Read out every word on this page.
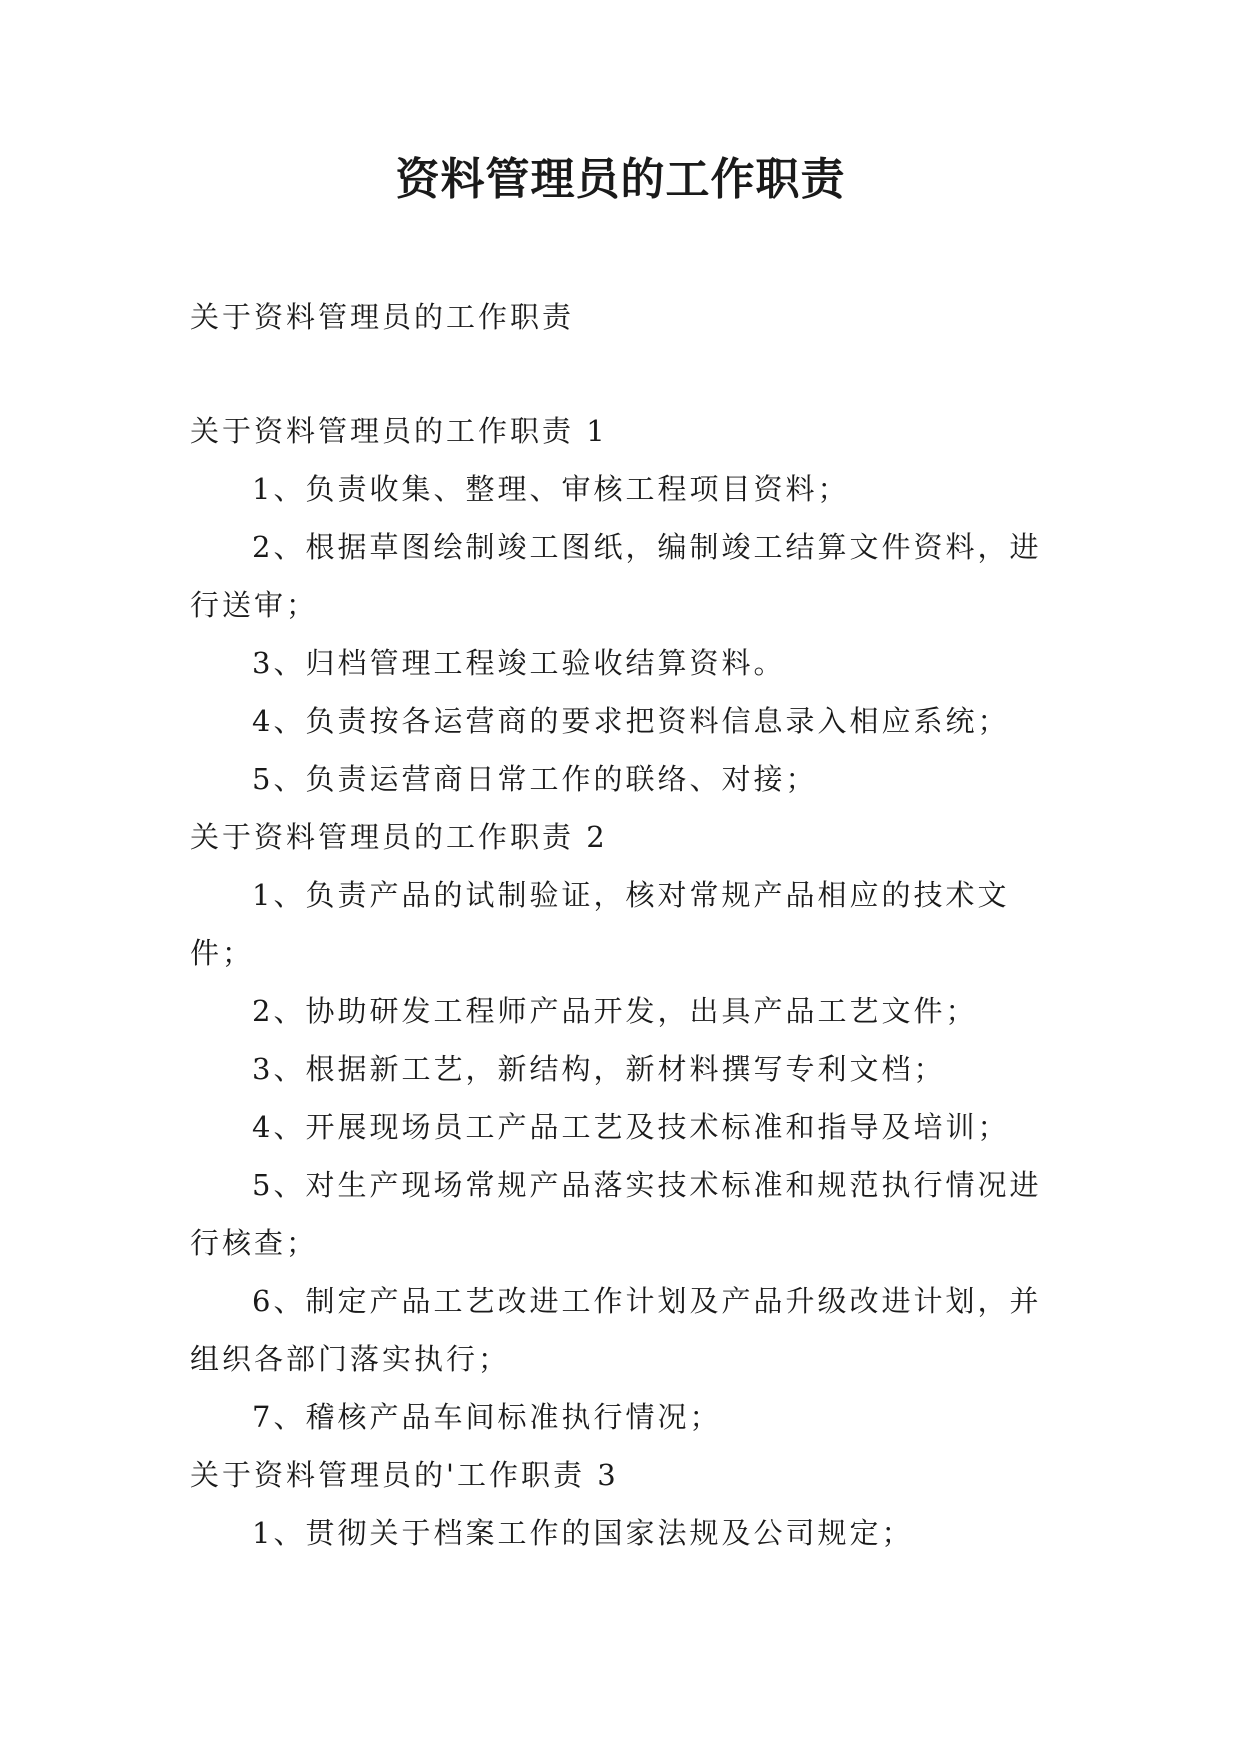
资料管理员的工作职责

关于资料管理员的工作职责

关于资料管理员的工作职责 1

1、负责收集、整理、审核工程项目资料；

2、根据草图绘制竣工图纸，编制竣工结算文件资料，进行送审；

3、归档管理工程竣工验收结算资料。

4、负责按各运营商的要求把资料信息录入相应系统；

5、负责运营商日常工作的联络、对接；

关于资料管理员的工作职责 2

1、负责产品的试制验证，核对常规产品相应的技术文件；

2、协助研发工程师产品开发，出具产品工艺文件；

3、根据新工艺，新结构，新材料撰写专利文档；

4、开展现场员工产品工艺及技术标准和指导及培训；

5、对生产现场常规产品落实技术标准和规范执行情况进行核查；

6、制定产品工艺改进工作计划及产品升级改进计划，并组织各部门落实执行；

7、稽核产品车间标准执行情况；

关于资料管理员的'工作职责 3

1、贯彻关于档案工作的国家法规及公司规定；
